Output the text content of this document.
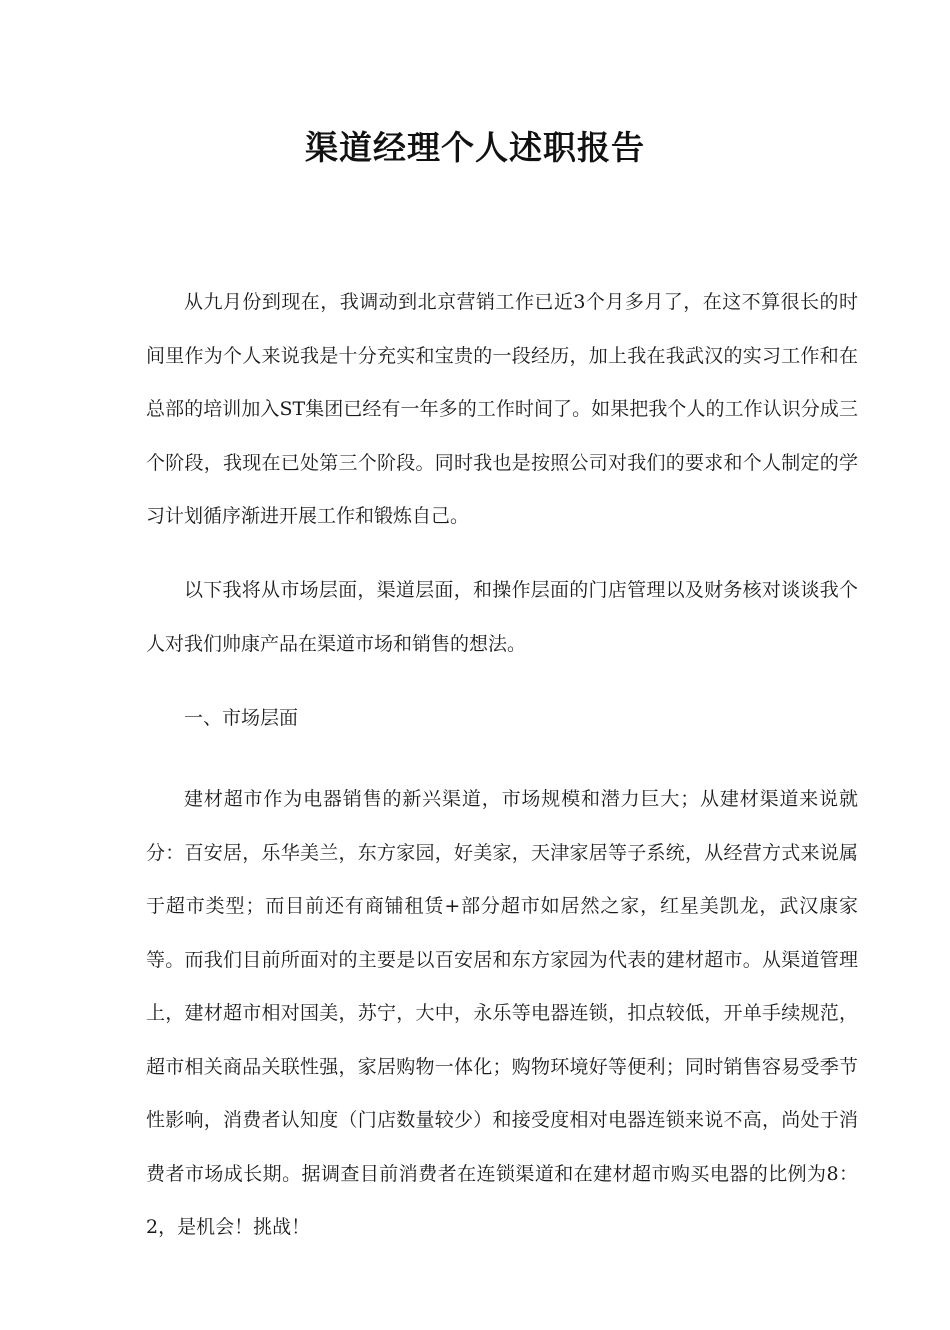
渠道经理个人述职报告

从九月份到现在，我调动到北京营销工作已近3个月多月了，在这不算很长的时间里作为个人来说我是十分充实和宝贵的一段经历，加上我在我武汉的实习工作和在总部的培训加入ST集团已经有一年多的工作时间了。如果把我个人的工作认识分成三个阶段，我现在已处第三个阶段。同时我也是按照公司对我们的要求和个人制定的学习计划循序渐进开展工作和锻炼自己。

以下我将从市场层面，渠道层面，和操作层面的门店管理以及财务核对谈谈我个人对我们帅康产品在渠道市场和销售的想法。

一、市场层面

建材超市作为电器销售的新兴渠道，市场规模和潜力巨大；从建材渠道来说就分：百安居，乐华美兰，东方家园，好美家，天津家居等子系统，从经营方式来说属于超市类型；而目前还有商铺租赁+部分超市如居然之家，红星美凯龙，武汉康家等。而我们目前所面对的主要是以百安居和东方家园为代表的建材超市。从渠道管理上，建材超市相对国美，苏宁，大中，永乐等电器连锁，扣点较低，开单手续规范，超市相关商品关联性强，家居购物一体化；购物环境好等便利；同时销售容易受季节性影响，消费者认知度（门店数量较少）和接受度相对电器连锁来说不高，尚处于消费者市场成长期。据调查目前消费者在连锁渠道和在建材超市购买电器的比例为8：2，是机会！挑战！
